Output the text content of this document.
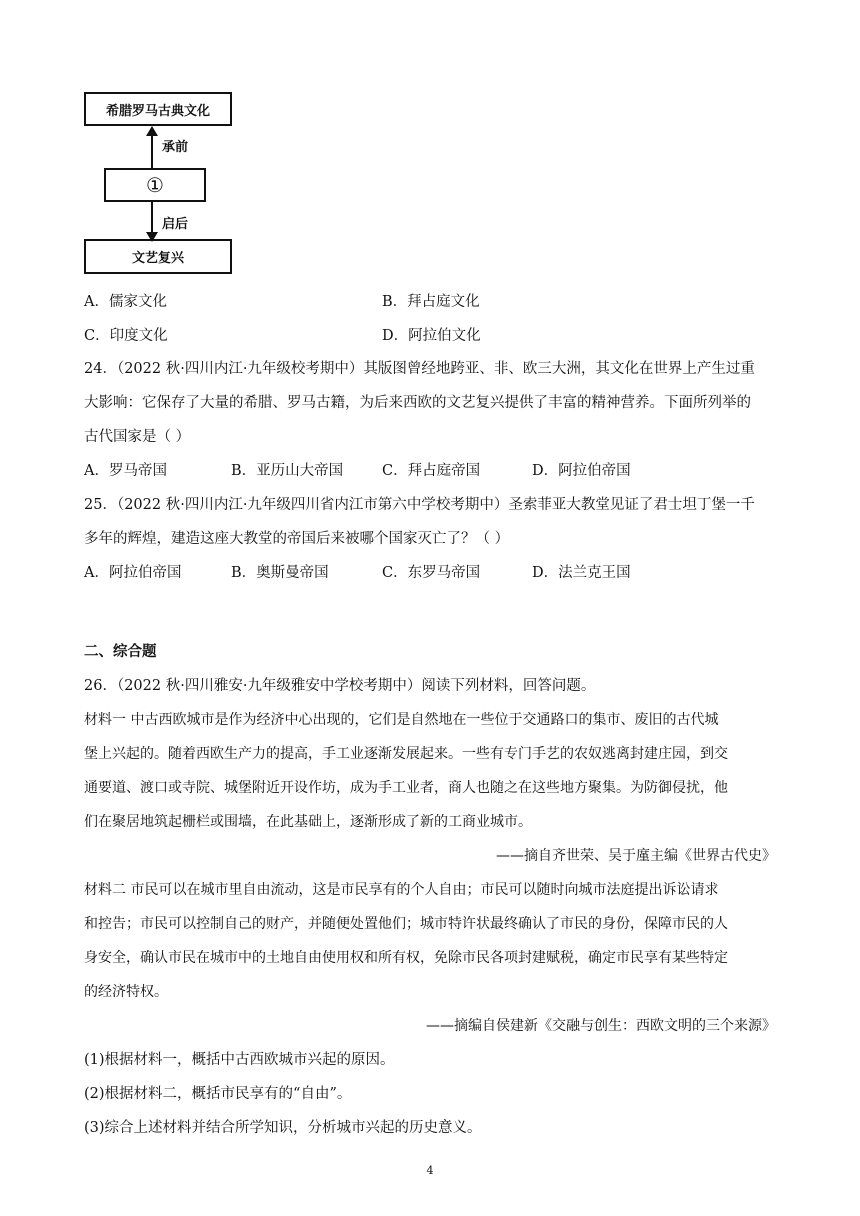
希腊罗马古典文化
承前
①
启后
文艺复兴
A．儒家文化	B．拜占庭文化
C．印度文化	D．阿拉伯文化
24．（2022 秋·四川内江·九年级校考期中）其版图曾经地跨亚、非、欧三大洲，其文化在世界上产生过重
大影响：它保存了大量的希腊、罗马古籍，为后来西欧的文艺复兴提供了丰富的精神营养。下面所列举的
古代国家是（ ）
A．罗马帝国	B．亚历山大帝国	C．拜占庭帝国	D．阿拉伯帝国
25．（2022 秋·四川内江·九年级四川省内江市第六中学校考期中）圣索菲亚大教堂见证了君士坦丁堡一千
多年的辉煌，建造这座大教堂的帝国后来被哪个国家灭亡了？（ ）
A．阿拉伯帝国	B．奥斯曼帝国	C．东罗马帝国	D．法兰克王国
二、综合题
26．（2022 秋·四川雅安·九年级雅安中学校考期中）阅读下列材料，回答问题。
材料一 中古西欧城市是作为经济中心出现的，它们是自然地在一些位于交通路口的集市、废旧的古代城
堡上兴起的。随着西欧生产力的提高，手工业逐渐发展起来。一些有专门手艺的农奴逃离封建庄园，到交
通要道、渡口或寺院、城堡附近开设作坊，成为手工业者，商人也随之在这些地方聚集。为防御侵扰，他
们在聚居地筑起栅栏或围墙，在此基础上，逐渐形成了新的工商业城市。
——摘自齐世荣、吴于廑主编《世界古代史》
材料二 市民可以在城市里自由流动，这是市民享有的个人自由；市民可以随时向城市法庭提出诉讼请求
和控告；市民可以控制自己的财产，并随便处置他们；城市特许状最终确认了市民的身份，保障市民的人
身安全，确认市民在城市中的土地自由使用权和所有权，免除市民各项封建赋税，确定市民享有某些特定
的经济特权。
——摘编自侯建新《交融与创生：西欧文明的三个来源》
(1)根据材料一，概括中古西欧城市兴起的原因。
(2)根据材料二，概括市民享有的“自由”。
(3)综合上述材料并结合所学知识，分析城市兴起的历史意义。
4
